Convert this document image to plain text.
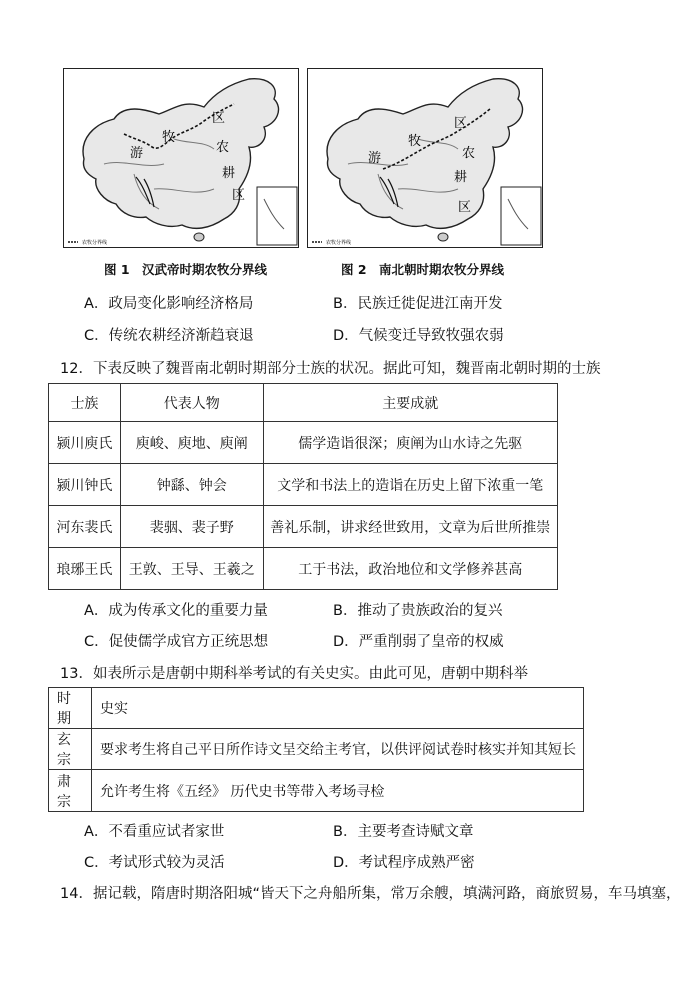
农牧分界线
区
牧
农
游
耕
区
农牧分界线
区
牧
农
游
耕
区
图 1　汉武帝时期农牧分界线	图 2　南北朝时期农牧分界线
A．政局变化影响经济格局	B．民族迁徙促进江南开发
C．传统农耕经济渐趋衰退	D．气候变迁导致牧强农弱
12．下表反映了魏晋南北朝时期部分士族的状况。据此可知，魏晋南北朝时期的士族
士族	代表人物	主要成就
颍川庾氏	庾峻、庾地、庾阐	儒学造诣很深；庾阐为山水诗之先驱
颍川钟氏	钟繇、钟会	文学和书法上的造诣在历史上留下浓重一笔
河东裴氏	裴骃、裴子野	善礼乐制，讲求经世致用，文章为后世所推崇
琅琊王氏	王敦、王导、王羲之	工于书法，政治地位和文学修养甚高
A．成为传承文化的重要力量	B．推动了贵族政治的复兴
C．促使儒学成官方正统思想	D．严重削弱了皇帝的权威
13．如表所示是唐朝中期科举考试的有关史实。由此可见，唐朝中期科举
时期	史实
玄宗	要求考生将自己平日所作诗文呈交给主考官，以供评阅试卷时核实并知其短长
肃宗	允许考生将《五经》 历代史书等带入考场寻检
A．不看重应试者家世	B．主要考查诗赋文章
C．考试形式较为灵活	D．考试程序成熟严密
14．据记载，隋唐时期洛阳城“皆天下之舟船所集，常万余艘，填满河路，商旅贸易，车马填塞，
